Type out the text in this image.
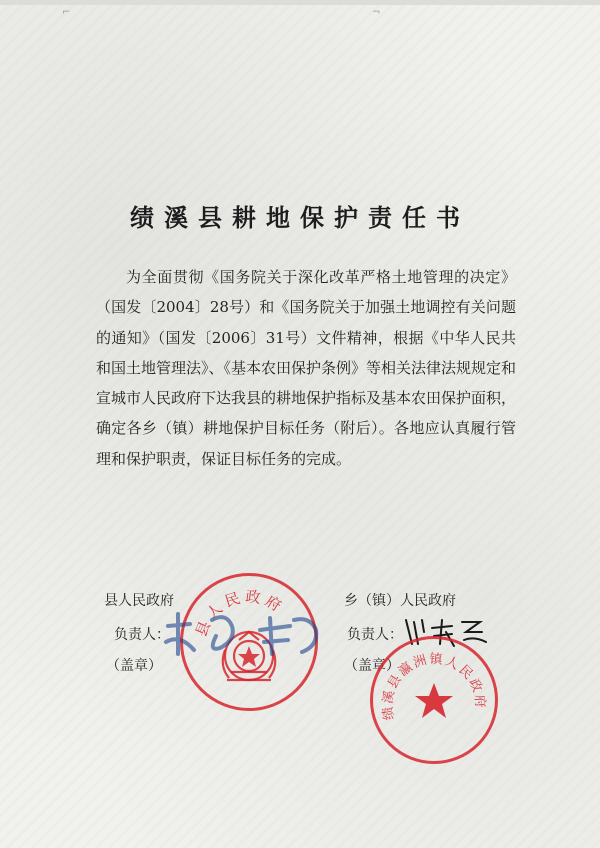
⌐	¬
绩溪县耕地保护责任书

为全面贯彻《国务院关于深化改革严格土地管理的决定》（国发〔2004〕28号）和《国务院关于加强土地调控有关问题的通知》（国发〔2006〕31号）文件精神，根据《中华人民共和国土地管理法》、《基本农田保护条例》等相关法律法规规定和宣城市人民政府下达我县的耕地保护指标及基本农田保护面积，确定各乡（镇）耕地保护目标任务（附后）。各地应认真履行管理和保护职责，保证目标任务的完成。

县人民政府
负责人：
（盖章）
县人民政府	乡（镇）人民政府
负责人：
（盖章）
绩溪县瀛洲镇人民政府
